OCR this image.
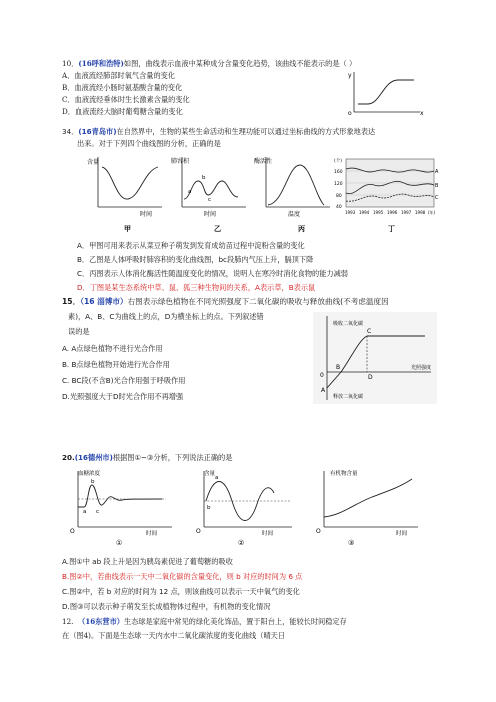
10．(16呼和浩特)如图，曲线表示血液中某种成分含量变化趋势，该曲线不能表示的是（ ）
A．血液流经肺部时氧气含量的变化
B．血液流经小肠时氨基酸含量的变化
C．血液流经垂体时生长激素含量的变化
D．血液流经大脑时葡萄糖含量的变化
y
x
o
34．(16青岛市)在自然界中，生物的某些生命活动和生理功能可以通过坐标曲线的方式形象地表达
出来。对于下列四个曲线图的分析，正确的是
含量
时间
甲
肺容积
a
b
c
时间
乙
酶活性
温度
丙
(个)
160
120
80
40
A
B
C
1993 1994 1995 1996 1997 1998 (年)
丁
A．甲图可用来表示从菜豆种子萌发到发育成幼苗过程中淀粉含量的变化
B．乙图是人体呼吸时肺容积的变化曲线图，bc段肺内气压上升，膈顶下降
C．丙图表示人体消化酶活性随温度变化的情况，说明人在寒冷时消化食物的能力减弱
D．丁图是某生态系统中草、鼠、狐三种生物间的关系，A表示草，B表示鼠
15．（16 淄博市）右图表示绿色植物在不同光照强度下二氧化碳的吸收与释放曲线(不考虑温度因
素)，A、B、C为曲线上的点，D为横坐标上的点。下列叙述错
误的是
A. A点绿色植物不进行光合作用
B. B点绿色植物开始进行光合作用
C. BC段(不含B)光合作用强于呼吸作用
D.光照强度大于D时光合作用不再增强
吸收二氧化碳
释放二氧化碳
光照强度
A
B
C
D
0
20.(16德州市)根据图①~③分析，下列说法正确的是
血糖浓度
a
b
c
O	时间
①
含量
a
b
O	时间
②
有机物含量
O	时间
③
A.图①中 ab 段上升是因为胰岛素促进了葡萄糖的吸收
B.图②中，若曲线表示一天中二氧化碳的含量变化，则 b 对应的时间为 6 点
C.图②中，若 b 对应的时间为 12 点，则该曲线可以表示一天中氧气的变化
D.图③可以表示种子萌发至长成植物体过程中，有机物的变化情况
12. （16东营市）生态球是家庭中常见的绿化美化饰品，置于阳台上，能较长时间稳定存
在（图4)。下面是生态球一天内水中二氧化碳浓度的变化曲线（晴天日
